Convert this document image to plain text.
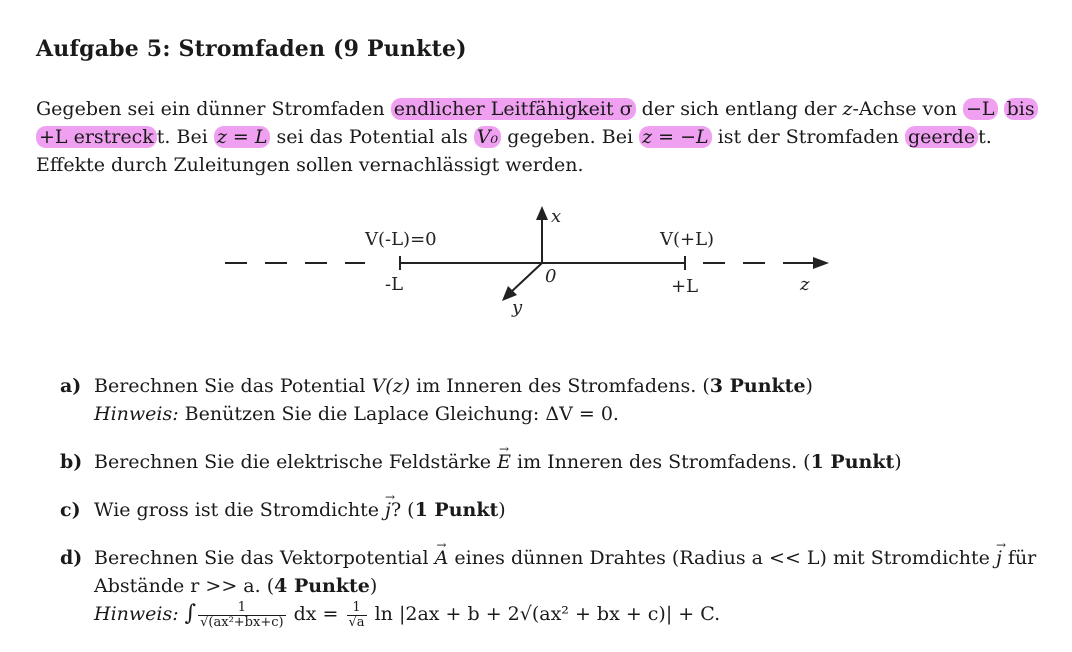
Aufgabe 5: Stromfaden (9 Punkte)
Gegeben sei ein dünner Stromfaden endlicher Leitfähigkeit σ der sich entlang der z-Achse von −L bis +L erstreck t. Bei z = L sei das Potential als V₀ gegeben. Bei z = −L ist der Stromfaden geerde t. Effekte durch Zuleitungen sollen vernachlässigt werden.
V(-L)=0	V(+L)
-L	+L
0
x
y
z
a) Berechnen Sie das Potential V(z) im Inneren des Stromfadens. (3 Punkte)
Hinweis: Benützen Sie die Laplace Gleichung: ΔV = 0.
b) Berechnen Sie die elektrische Feldstärke → E im Inneren des Stromfadens. (1 Punkt)
c) Wie gross ist die Stromdichte → j? (1 Punkt)
d) Berechnen Sie das Vektorpotential → A eines dünnen Drahtes (Radius a << L) mit Stromdichte → j für Abstände r >> a. (4 Punkte)
Hinweis: ∫ $\frac{1}{\text{√(ax²+bx+c)}}$ dx = $\frac{1}{√a}$ ln |2ax + b + 2√(ax² + bx + c)| + C.
